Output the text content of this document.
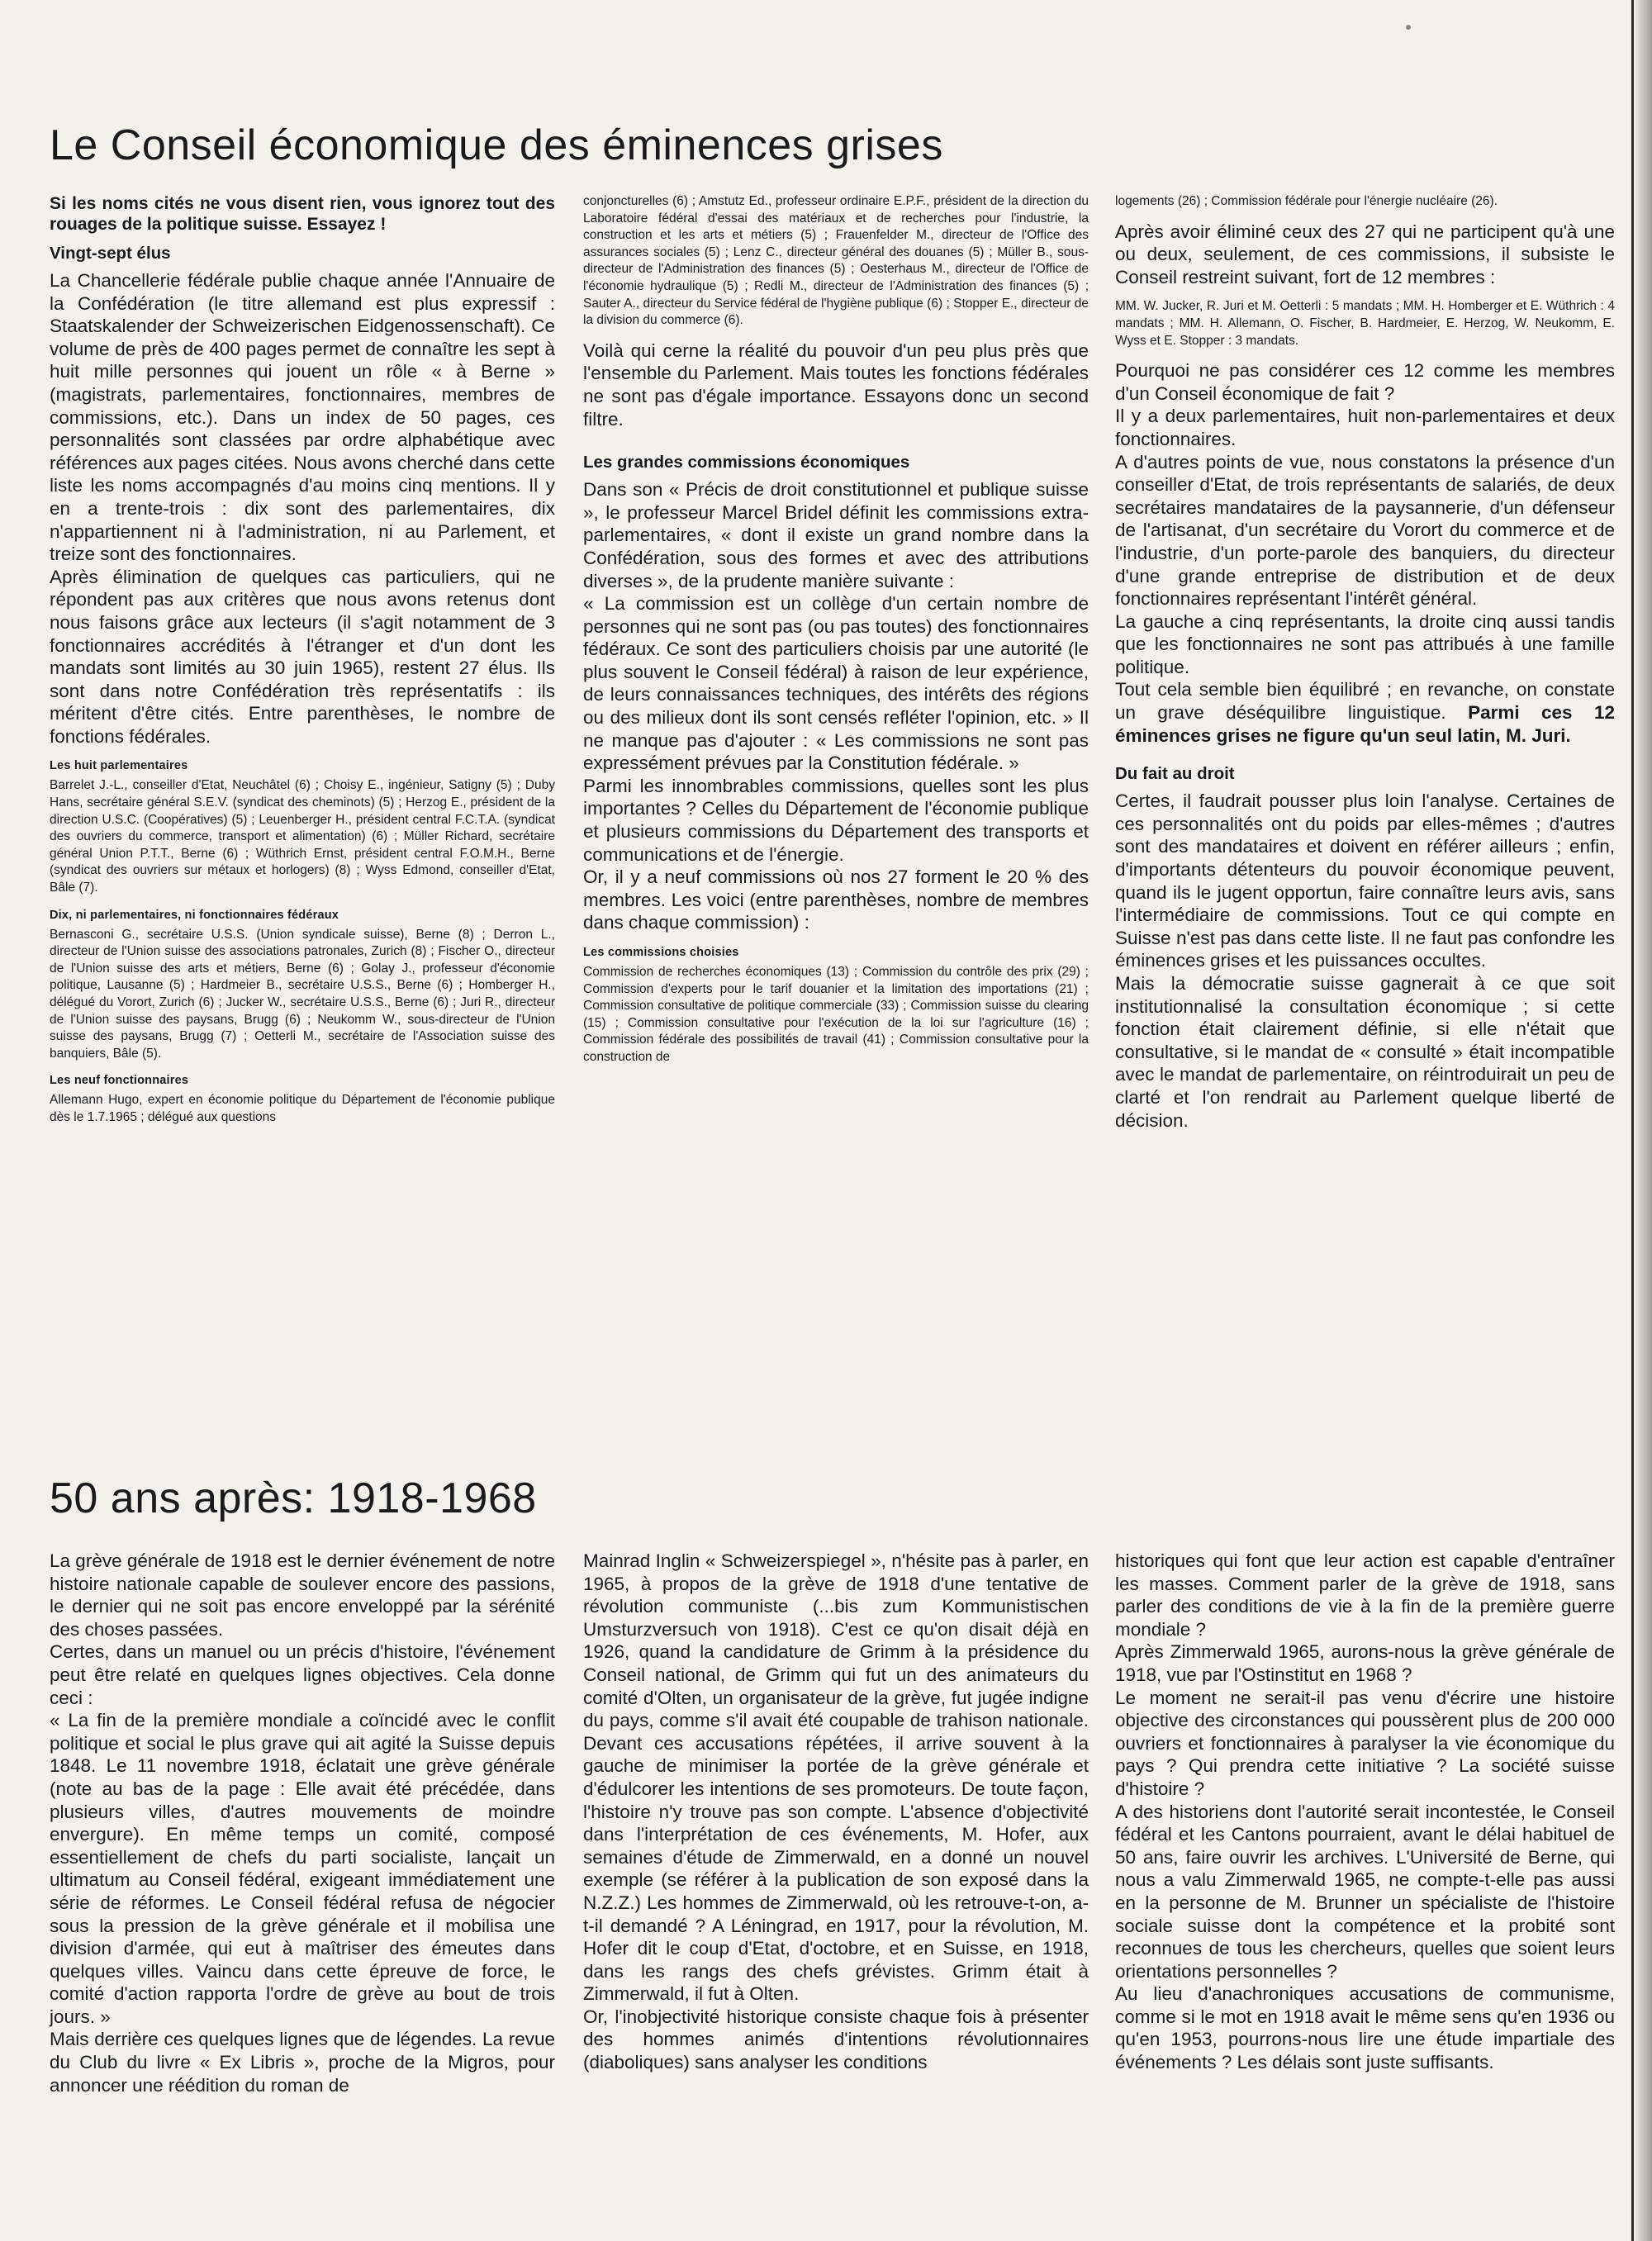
Le Conseil économique des éminences grises

Si les noms cités ne vous disent rien, vous ignorez tout des rouages de la politique suisse. Essayez !

Vingt-sept élus

La Chancellerie fédérale publie chaque année l'Annuaire de la Confédération (le titre allemand est plus expressif : Staatskalender der Schweizerischen Eidgenossenschaft). Ce volume de près de 400 pages permet de connaître les sept à huit mille personnes qui jouent un rôle « à Berne » (magistrats, parlementaires, fonctionnaires, membres de commissions, etc.). Dans un index de 50 pages, ces personnalités sont classées par ordre alphabétique avec références aux pages citées. Nous avons cherché dans cette liste les noms accompagnés d'au moins cinq mentions. Il y en a trente-trois : dix sont des parlementaires, dix n'appartiennent ni à l'administration, ni au Parlement, et treize sont des fonctionnaires.

Après élimination de quelques cas particuliers, qui ne répondent pas aux critères que nous avons retenus dont nous faisons grâce aux lecteurs (il s'agit notamment de 3 fonctionnaires accrédités à l'étranger et d'un dont les mandats sont limités au 30 juin 1965), restent 27 élus. Ils sont dans notre Confédération très représentatifs : ils méritent d'être cités. Entre parenthèses, le nombre de fonctions fédérales.

Les huit parlementaires

Barrelet J.-L., conseiller d'Etat, Neuchâtel (6) ; Choisy E., ingénieur, Satigny (5) ; Duby Hans, secrétaire général S.E.V. (syndicat des cheminots) (5) ; Herzog E., président de la direction U.S.C. (Coopératives) (5) ; Leuenberger H., président central F.C.T.A. (syndicat des ouvriers du commerce, transport et alimentation) (6) ; Müller Richard, secrétaire général Union P.T.T., Berne (6) ; Wüthrich Ernst, président central F.O.M.H., Berne (syndicat des ouvriers sur métaux et horlogers) (8) ; Wyss Edmond, conseiller d'Etat, Bâle (7).

Dix, ni parlementaires, ni fonctionnaires fédéraux

Bernasconi G., secrétaire U.S.S. (Union syndicale suisse), Berne (8) ; Derron L., directeur de l'Union suisse des associations patronales, Zurich (8) ; Fischer O., directeur de l'Union suisse des arts et métiers, Berne (6) ; Golay J., professeur d'économie politique, Lausanne (5) ; Hardmeier B., secrétaire U.S.S., Berne (6) ; Homberger H., délégué du Vorort, Zurich (6) ; Jucker W., secrétaire U.S.S., Berne (6) ; Juri R., directeur de l'Union suisse des paysans, Brugg (6) ; Neukomm W., sous-directeur de l'Union suisse des paysans, Brugg (7) ; Oetterli M., secrétaire de l'Association suisse des banquiers, Bâle (5).

Les neuf fonctionnaires

Allemann Hugo, expert en économie politique du Département de l'économie publique dès le 1.7.1965 ; délégué aux questions

conjoncturelles (6) ; Amstutz Ed., professeur ordinaire E.P.F., président de la direction du Laboratoire fédéral d'essai des matériaux et de recherches pour l'industrie, la construction et les arts et métiers (5) ; Frauenfelder M., directeur de l'Office des assurances sociales (5) ; Lenz C., directeur général des douanes (5) ; Müller B., sous-directeur de l'Administration des finances (5) ; Oesterhaus M., directeur de l'Office de l'économie hydraulique (5) ; Redli M., directeur de l'Administration des finances (5) ; Sauter A., directeur du Service fédéral de l'hygiène publique (6) ; Stopper E., directeur de la division du commerce (6).

Voilà qui cerne la réalité du pouvoir d'un peu plus près que l'ensemble du Parlement. Mais toutes les fonctions fédérales ne sont pas d'égale importance. Essayons donc un second filtre.

Les grandes commissions économiques

Dans son « Précis de droit constitutionnel et publique suisse », le professeur Marcel Bridel définit les commissions extra-parlementaires, « dont il existe un grand nombre dans la Confédération, sous des formes et avec des attributions diverses », de la prudente manière suivante :

« La commission est un collège d'un certain nombre de personnes qui ne sont pas (ou pas toutes) des fonctionnaires fédéraux. Ce sont des particuliers choisis par une autorité (le plus souvent le Conseil fédéral) à raison de leur expérience, de leurs connaissances techniques, des intérêts des régions ou des milieux dont ils sont censés refléter l'opinion, etc. » Il ne manque pas d'ajouter : « Les commissions ne sont pas expressément prévues par la Constitution fédérale. »

Parmi les innombrables commissions, quelles sont les plus importantes ? Celles du Département de l'économie publique et plusieurs commissions du Département des transports et communications et de l'énergie.

Or, il y a neuf commissions où nos 27 forment le 20 % des membres. Les voici (entre parenthèses, nombre de membres dans chaque commission) :

Les commissions choisies

Commission de recherches économiques (13) ; Commission du contrôle des prix (29) ; Commission d'experts pour le tarif douanier et la limitation des importations (21) ; Commission consultative de politique commerciale (33) ; Commission suisse du clearing (15) ; Commission consultative pour l'exécution de la loi sur l'agriculture (16) ; Commission fédérale des possibilités de travail (41) ; Commission consultative pour la construction de

logements (26) ; Commission fédérale pour l'énergie nucléaire (26).

Après avoir éliminé ceux des 27 qui ne participent qu'à une ou deux, seulement, de ces commissions, il subsiste le Conseil restreint suivant, fort de 12 membres :

MM. W. Jucker, R. Juri et M. Oetterli : 5 mandats ; MM. H. Homberger et E. Wüthrich : 4 mandats ; MM. H. Allemann, O. Fischer, B. Hardmeier, E. Herzog, W. Neukomm, E. Wyss et E. Stopper : 3 mandats.

Pourquoi ne pas considérer ces 12 comme les membres d'un Conseil économique de fait ?

Il y a deux parlementaires, huit non-parlementaires et deux fonctionnaires.

A d'autres points de vue, nous constatons la présence d'un conseiller d'Etat, de trois représentants de salariés, de deux secrétaires mandataires de la paysannerie, d'un défenseur de l'artisanat, d'un secrétaire du Vorort du commerce et de l'industrie, d'un porte-parole des banquiers, du directeur d'une grande entreprise de distribution et de deux fonctionnaires représentant l'intérêt général.

La gauche a cinq représentants, la droite cinq aussi tandis que les fonctionnaires ne sont pas attribués à une famille politique.

Tout cela semble bien équilibré ; en revanche, on constate un grave déséquilibre linguistique. Parmi ces 12 éminences grises ne figure qu'un seul latin, M. Juri.

Du fait au droit

Certes, il faudrait pousser plus loin l'analyse. Certaines de ces personnalités ont du poids par elles-mêmes ; d'autres sont des mandataires et doivent en référer ailleurs ; enfin, d'importants détenteurs du pouvoir économique peuvent, quand ils le jugent opportun, faire connaître leurs avis, sans l'intermédiaire de commissions. Tout ce qui compte en Suisse n'est pas dans cette liste. Il ne faut pas confondre les éminences grises et les puissances occultes.

Mais la démocratie suisse gagnerait à ce que soit institutionnalisé la consultation économique ; si cette fonction était clairement définie, si elle n'était que consultative, si le mandat de « consulté » était incompatible avec le mandat de parlementaire, on réintroduirait un peu de clarté et l'on rendrait au Parlement quelque liberté de décision.

50 ans après: 1918-1968

La grève générale de 1918 est le dernier événement de notre histoire nationale capable de soulever encore des passions, le dernier qui ne soit pas encore enveloppé par la sérénité des choses passées.

Certes, dans un manuel ou un précis d'histoire, l'événement peut être relaté en quelques lignes objectives. Cela donne ceci :

« La fin de la première mondiale a coïncidé avec le conflit politique et social le plus grave qui ait agité la Suisse depuis 1848. Le 11 novembre 1918, éclatait une grève générale (note au bas de la page : Elle avait été précédée, dans plusieurs villes, d'autres mouvements de moindre envergure). En même temps un comité, composé essentiellement de chefs du parti socialiste, lançait un ultimatum au Conseil fédéral, exigeant immédiatement une série de réformes. Le Conseil fédéral refusa de négocier sous la pression de la grève générale et il mobilisa une division d'armée, qui eut à maîtriser des émeutes dans quelques villes. Vaincu dans cette épreuve de force, le comité d'action rapporta l'ordre de grève au bout de trois jours. »

Mais derrière ces quelques lignes que de légendes. La revue du Club du livre « Ex Libris », proche de la Migros, pour annoncer une réédition du roman de

Mainrad Inglin « Schweizerspiegel », n'hésite pas à parler, en 1965, à propos de la grève de 1918 d'une tentative de révolution communiste (...bis zum Kommunistischen Umsturzversuch von 1918). C'est ce qu'on disait déjà en 1926, quand la candidature de Grimm à la présidence du Conseil national, de Grimm qui fut un des animateurs du comité d'Olten, un organisateur de la grève, fut jugée indigne du pays, comme s'il avait été coupable de trahison nationale. Devant ces accusations répétées, il arrive souvent à la gauche de minimiser la portée de la grève générale et d'édulcorer les intentions de ses promoteurs. De toute façon, l'histoire n'y trouve pas son compte. L'absence d'objectivité dans l'interprétation de ces événements, M. Hofer, aux semaines d'étude de Zimmerwald, en a donné un nouvel exemple (se référer à la publication de son exposé dans la N.Z.Z.) Les hommes de Zimmerwald, où les retrouve-t-on, a-t-il demandé ? A Léningrad, en 1917, pour la révolution, M. Hofer dit le coup d'Etat, d'octobre, et en Suisse, en 1918, dans les rangs des chefs grévistes. Grimm était à Zimmerwald, il fut à Olten.

Or, l'inobjectivité historique consiste chaque fois à présenter des hommes animés d'intentions révolutionnaires (diaboliques) sans analyser les conditions

historiques qui font que leur action est capable d'entraîner les masses. Comment parler de la grève de 1918, sans parler des conditions de vie à la fin de la première guerre mondiale ?

Après Zimmerwald 1965, aurons-nous la grève générale de 1918, vue par l'Ostinstitut en 1968 ?

Le moment ne serait-il pas venu d'écrire une histoire objective des circonstances qui poussèrent plus de 200 000 ouvriers et fonctionnaires à paralyser la vie économique du pays ? Qui prendra cette initiative ? La société suisse d'histoire ?

A des historiens dont l'autorité serait incontestée, le Conseil fédéral et les Cantons pourraient, avant le délai habituel de 50 ans, faire ouvrir les archives. L'Université de Berne, qui nous a valu Zimmerwald 1965, ne compte-t-elle pas aussi en la personne de M. Brunner un spécialiste de l'histoire sociale suisse dont la compétence et la probité sont reconnues de tous les chercheurs, quelles que soient leurs orientations personnelles ?

Au lieu d'anachroniques accusations de communisme, comme si le mot en 1918 avait le même sens qu'en 1936 ou qu'en 1953, pourrons-nous lire une étude impartiale des événements ? Les délais sont juste suffisants.
